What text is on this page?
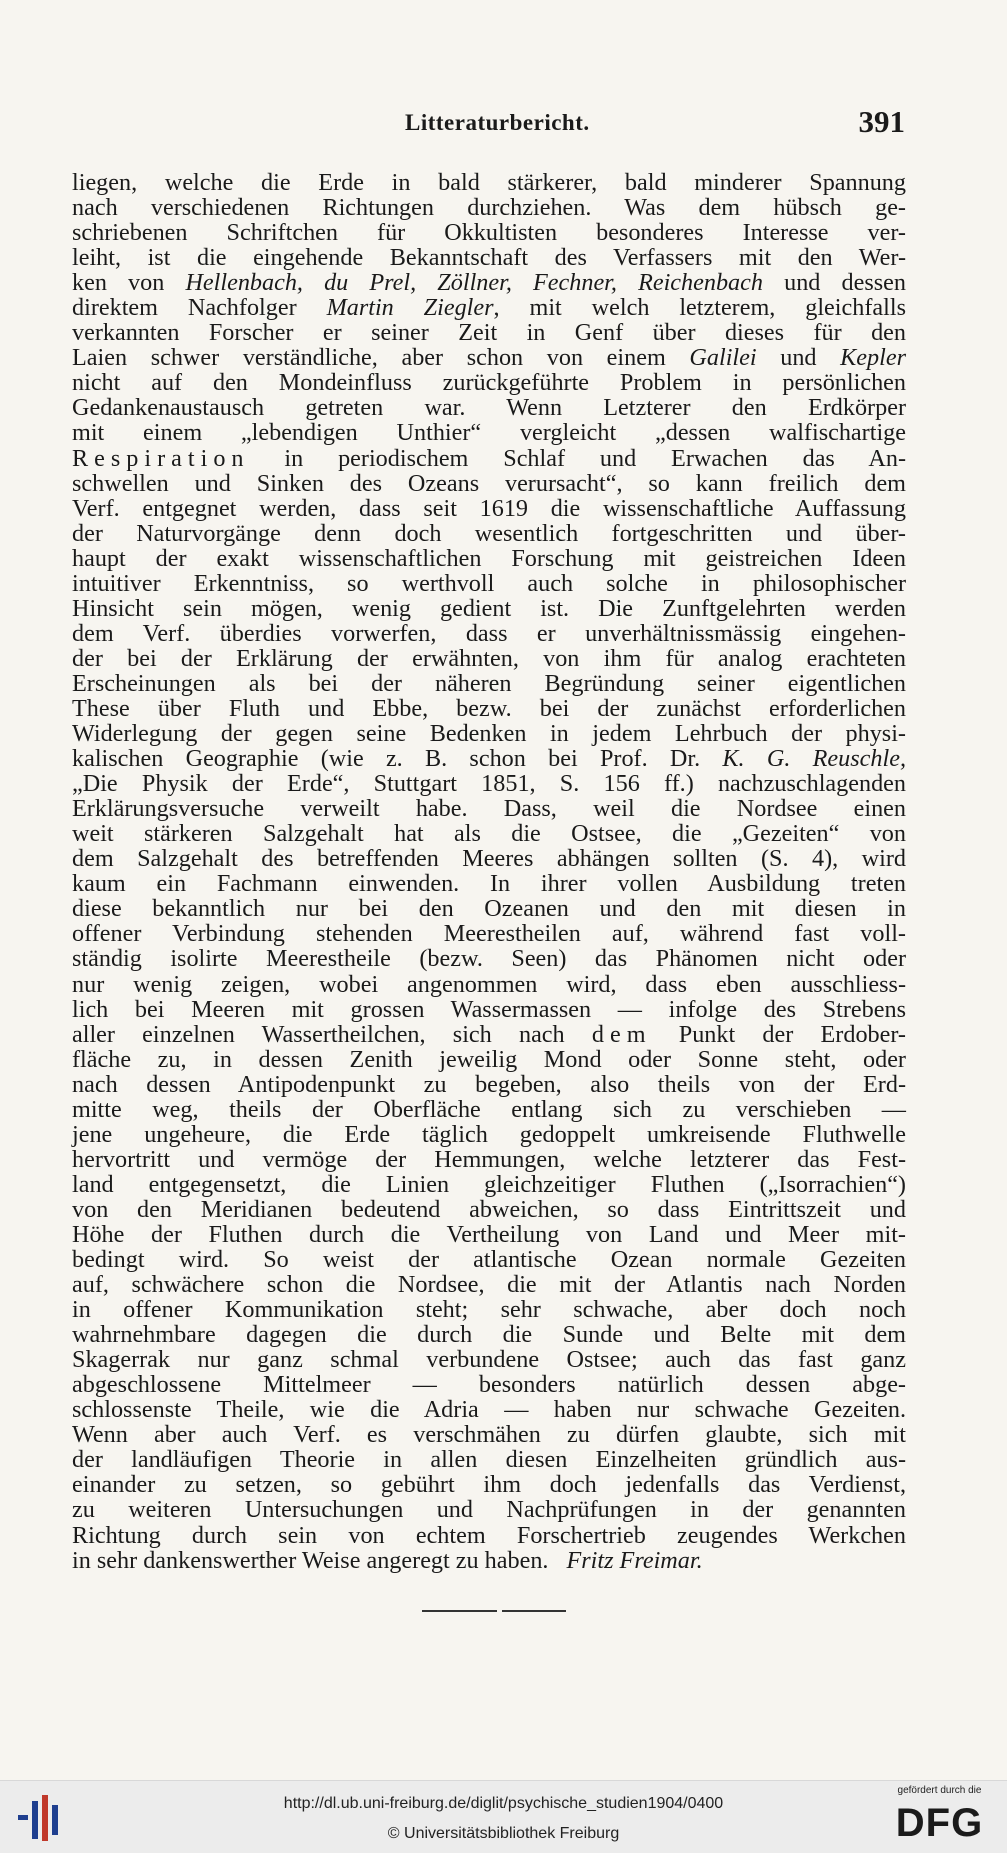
Litteraturbericht.	391
liegen, welche die Erde in bald stärkerer, bald minderer Spannung
nach verschiedenen Richtungen durchziehen. Was dem hübsch ge-
schriebenen Schriftchen für Okkultisten besonderes Interesse ver-
leiht, ist die eingehende Bekanntschaft des Verfassers mit den Wer-
ken von Hellenbach, du Prel, Zöllner, Fechner, Reichenbach und dessen
direktem Nachfolger Martin Ziegler, mit welch letzterem, gleichfalls
verkannten Forscher er seiner Zeit in Genf über dieses für den
Laien schwer verständliche, aber schon von einem Galilei und Kepler
nicht auf den Mondeinfluss zurückgeführte Problem in persönlichen
Gedankenaustausch getreten war. Wenn Letzterer den Erdkörper
mit einem „lebendigen Unthier“ vergleicht „dessen walfischartige
Respiration in periodischem Schlaf und Erwachen das An-
schwellen und Sinken des Ozeans verursacht“, so kann freilich dem
Verf. entgegnet werden, dass seit 1619 die wissenschaftliche Auffassung
der Naturvorgänge denn doch wesentlich fortgeschritten und über-
haupt der exakt wissenschaftlichen Forschung mit geistreichen Ideen
intuitiver Erkenntniss, so werthvoll auch solche in philosophischer
Hinsicht sein mögen, wenig gedient ist. Die Zunftgelehrten werden
dem Verf. überdies vorwerfen, dass er unverhältnissmässig eingehen-
der bei der Erklärung der erwähnten, von ihm für analog erachteten
Erscheinungen als bei der näheren Begründung seiner eigentlichen
These über Fluth und Ebbe, bezw. bei der zunächst erforderlichen
Widerlegung der gegen seine Bedenken in jedem Lehrbuch der physi-
kalischen Geographie (wie z. B. schon bei Prof. Dr. K. G. Reuschle,
„Die Physik der Erde“, Stuttgart 1851, S. 156 ff.) nachzuschlagenden
Erklärungsversuche verweilt habe. Dass, weil die Nordsee einen
weit stärkeren Salzgehalt hat als die Ostsee, die „Gezeiten“ von
dem Salzgehalt des betreffenden Meeres abhängen sollten (S. 4), wird
kaum ein Fachmann einwenden. In ihrer vollen Ausbildung treten
diese bekanntlich nur bei den Ozeanen und den mit diesen in
offener Verbindung stehenden Meerestheilen auf, während fast voll-
ständig isolirte Meerestheile (bezw. Seen) das Phänomen nicht oder
nur wenig zeigen, wobei angenommen wird, dass eben ausschliess-
lich bei Meeren mit grossen Wassermassen — infolge des Strebens
aller einzelnen Wassertheilchen, sich nach dem Punkt der Erdober-
fläche zu, in dessen Zenith jeweilig Mond oder Sonne steht, oder
nach dessen Antipodenpunkt zu begeben, also theils von der Erd-
mitte weg, theils der Oberfläche entlang sich zu verschieben —
jene ungeheure, die Erde täglich gedoppelt umkreisende Fluthwelle
hervortritt und vermöge der Hemmungen, welche letzterer das Fest-
land entgegensetzt, die Linien gleichzeitiger Fluthen („Isorrachien“)
von den Meridianen bedeutend abweichen, so dass Eintrittszeit und
Höhe der Fluthen durch die Vertheilung von Land und Meer mit-
bedingt wird. So weist der atlantische Ozean normale Gezeiten
auf, schwächere schon die Nordsee, die mit der Atlantis nach Norden
in offener Kommunikation steht; sehr schwache, aber doch noch
wahrnehmbare dagegen die durch die Sunde und Belte mit dem
Skagerrak nur ganz schmal verbundene Ostsee; auch das fast ganz
abgeschlossene Mittelmeer — besonders natürlich dessen abge-
schlossenste Theile, wie die Adria — haben nur schwache Gezeiten.
Wenn aber auch Verf. es verschmähen zu dürfen glaubte, sich mit
der landläufigen Theorie in allen diesen Einzelheiten gründlich aus-
einander zu setzen, so gebührt ihm doch jedenfalls das Verdienst,
zu weiteren Untersuchungen und Nachprüfungen in der genannten
Richtung durch sein von echtem Forschertrieb zeugendes Werkchen
in sehr dankenswerther Weise angeregt zu haben. Fritz Freimar.
http://dl.ub.uni-freiburg.de/diglit/psychische_studien1904/0400
© Universitätsbibliothek Freiburg
gefördert durch die
DFG
